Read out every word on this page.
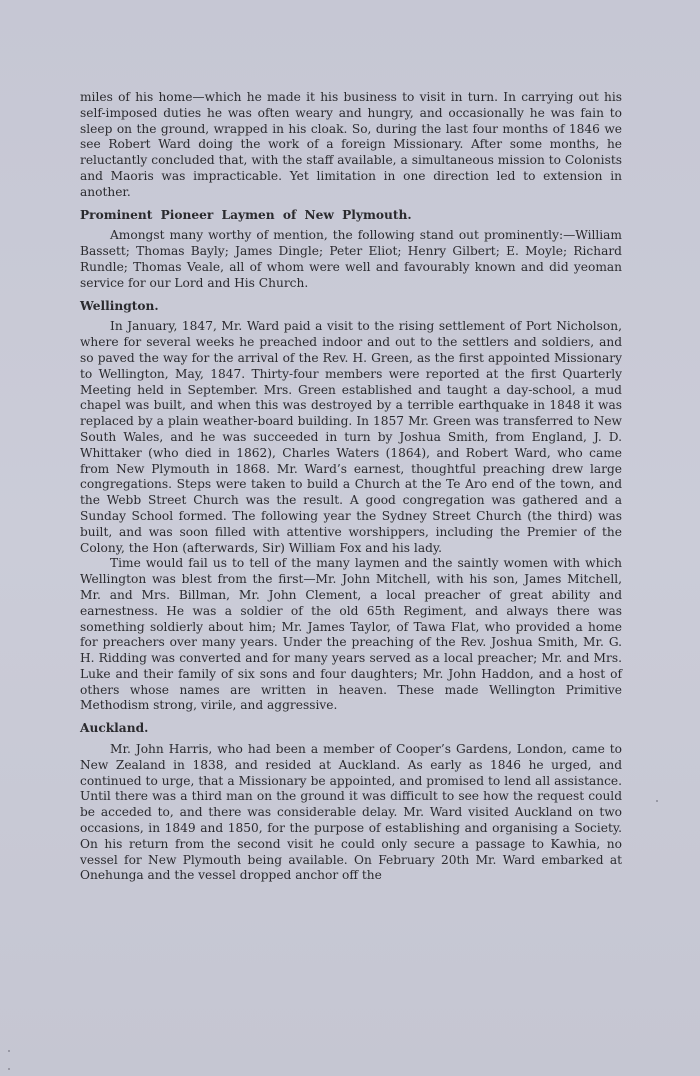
miles of his home—which he made it his business to visit in turn. In carrying out his self-imposed duties he was often weary and hungry, and occasionally he was fain to sleep on the ground, wrapped in his cloak. So, during the last four months of 1846 we see Robert Ward doing the work of a foreign Missionary. After some months, he reluctantly concluded that, with the staff available, a simultaneous mission to Colonists and Maoris was impracticable. Yet limitation in one direction led to extension in another.

Prominent Pioneer Laymen of New Plymouth.

Amongst many worthy of mention, the following stand out prominently:—William Bassett; Thomas Bayly; James Dingle; Peter Eliot; Henry Gilbert; E. Moyle; Richard Rundle; Thomas Veale, all of whom were well and favourably known and did yeoman service for our Lord and His Church.

Wellington.

In January, 1847, Mr. Ward paid a visit to the rising settlement of Port Nicholson, where for several weeks he preached indoor and out to the settlers and soldiers, and so paved the way for the arrival of the Rev. H. Green, as the first appointed Missionary to Wellington, May, 1847. Thirty-four members were reported at the first Quarterly Meeting held in September. Mrs. Green established and taught a day-school, a mud chapel was built, and when this was destroyed by a terrible earthquake in 1848 it was replaced by a plain weather-board building. In 1857 Mr. Green was transferred to New South Wales, and he was succeeded in turn by Joshua Smith, from England, J. D. Whittaker (who died in 1862), Charles Waters (1864), and Robert Ward, who came from New Plymouth in 1868. Mr. Ward’s earnest, thoughtful preaching drew large congregations. Steps were taken to build a Church at the Te Aro end of the town, and the Webb Street Church was the result. A good congregation was gathered and a Sunday School formed. The following year the Sydney Street Church (the third) was built, and was soon filled with attentive worshippers, including the Premier of the Colony, the Hon (afterwards, Sir) William Fox and his lady.

Time would fail us to tell of the many laymen and the saintly women with which Wellington was blest from the first—Mr. John Mitchell, with his son, James Mitchell, Mr. and Mrs. Billman, Mr. John Clement, a local preacher of great ability and earnestness. He was a soldier of the old 65th Regiment, and always there was something soldierly about him; Mr. James Taylor, of Tawa Flat, who provided a home for preachers over many years. Under the preaching of the Rev. Joshua Smith, Mr. G. H. Ridding was converted and for many years served as a local preacher; Mr. and Mrs. Luke and their family of six sons and four daughters; Mr. John Haddon, and a host of others whose names are written in heaven. These made Wellington Primitive Methodism strong, virile, and aggressive.

Auckland.

Mr. John Harris, who had been a member of Cooper’s Gardens, London, came to New Zealand in 1838, and resided at Auckland. As early as 1846 he urged, and continued to urge, that a Missionary be appointed, and promised to lend all assistance. Until there was a third man on the ground it was difficult to see how the request could be acceded to, and there was considerable delay. Mr. Ward visited Auckland on two occasions, in 1849 and 1850, for the purpose of establishing and organising a Society. On his return from the second visit he could only secure a passage to Kawhia, no vessel for New Plymouth being available. On February 20th Mr. Ward embarked at Onehunga and the vessel dropped anchor off the
